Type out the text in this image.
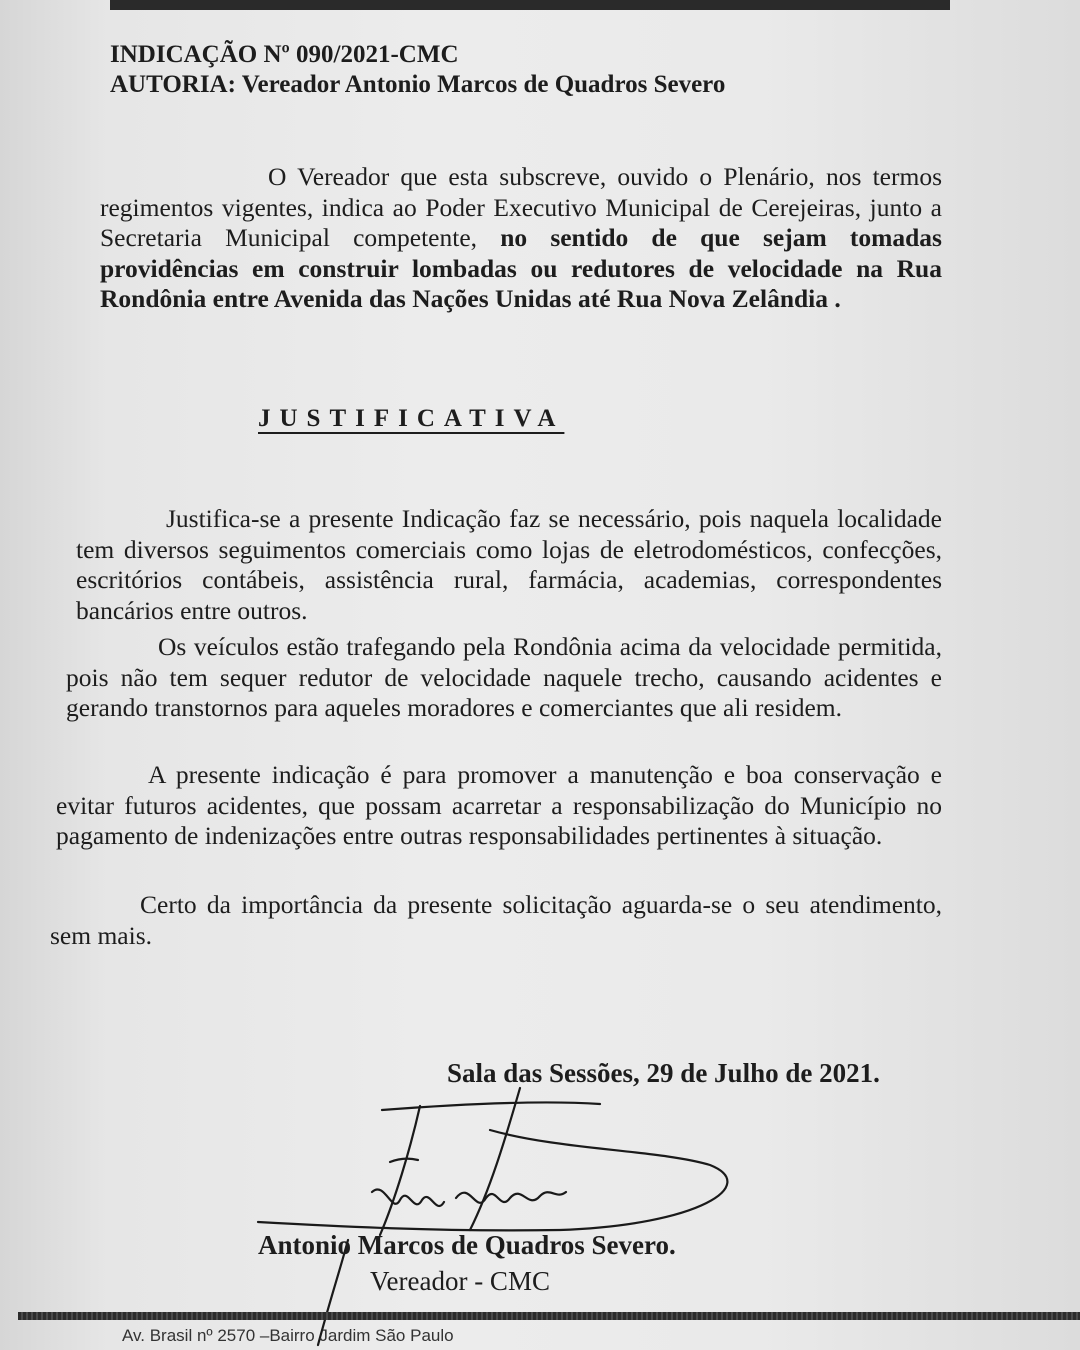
INDICAÇÃO Nº 090/2021-CMC
AUTORIA: Vereador Antonio Marcos de Quadros Severo
O Vereador que esta subscreve, ouvido o Plenário, nos termos regimentos vigentes, indica ao Poder Executivo Municipal de Cerejeiras, junto a Secretaria Municipal competente, no sentido de que sejam tomadas providências em construir lombadas ou redutores de velocidade na Rua Rondônia entre Avenida das Nações Unidas até Rua Nova Zelândia .
JUSTIFICATIVA
Justifica-se a presente Indicação faz se necessário, pois naquela localidade tem diversos seguimentos comerciais como lojas de eletrodomésticos, confecções, escritórios contábeis, assistência rural, farmácia, academias, correspondentes bancários entre outros.
Os veículos estão trafegando pela Rondônia acima da velocidade permitida, pois não tem sequer redutor de velocidade naquele trecho, causando acidentes e gerando transtornos para aqueles moradores e comerciantes que ali residem.
A presente indicação é para promover a manutenção e boa conservação e evitar futuros acidentes, que possam acarretar a responsabilização do Município no pagamento de indenizações entre outras responsabilidades pertinentes à situação.
Certo da importância da presente solicitação aguarda-se o seu atendimento, sem mais.
Sala das Sessões, 29 de Julho de 2021.
Antonio Marcos de Quadros Severo.
Vereador - CMC
Av. Brasil nº 2570 –Bairro Jardim São Paulo
